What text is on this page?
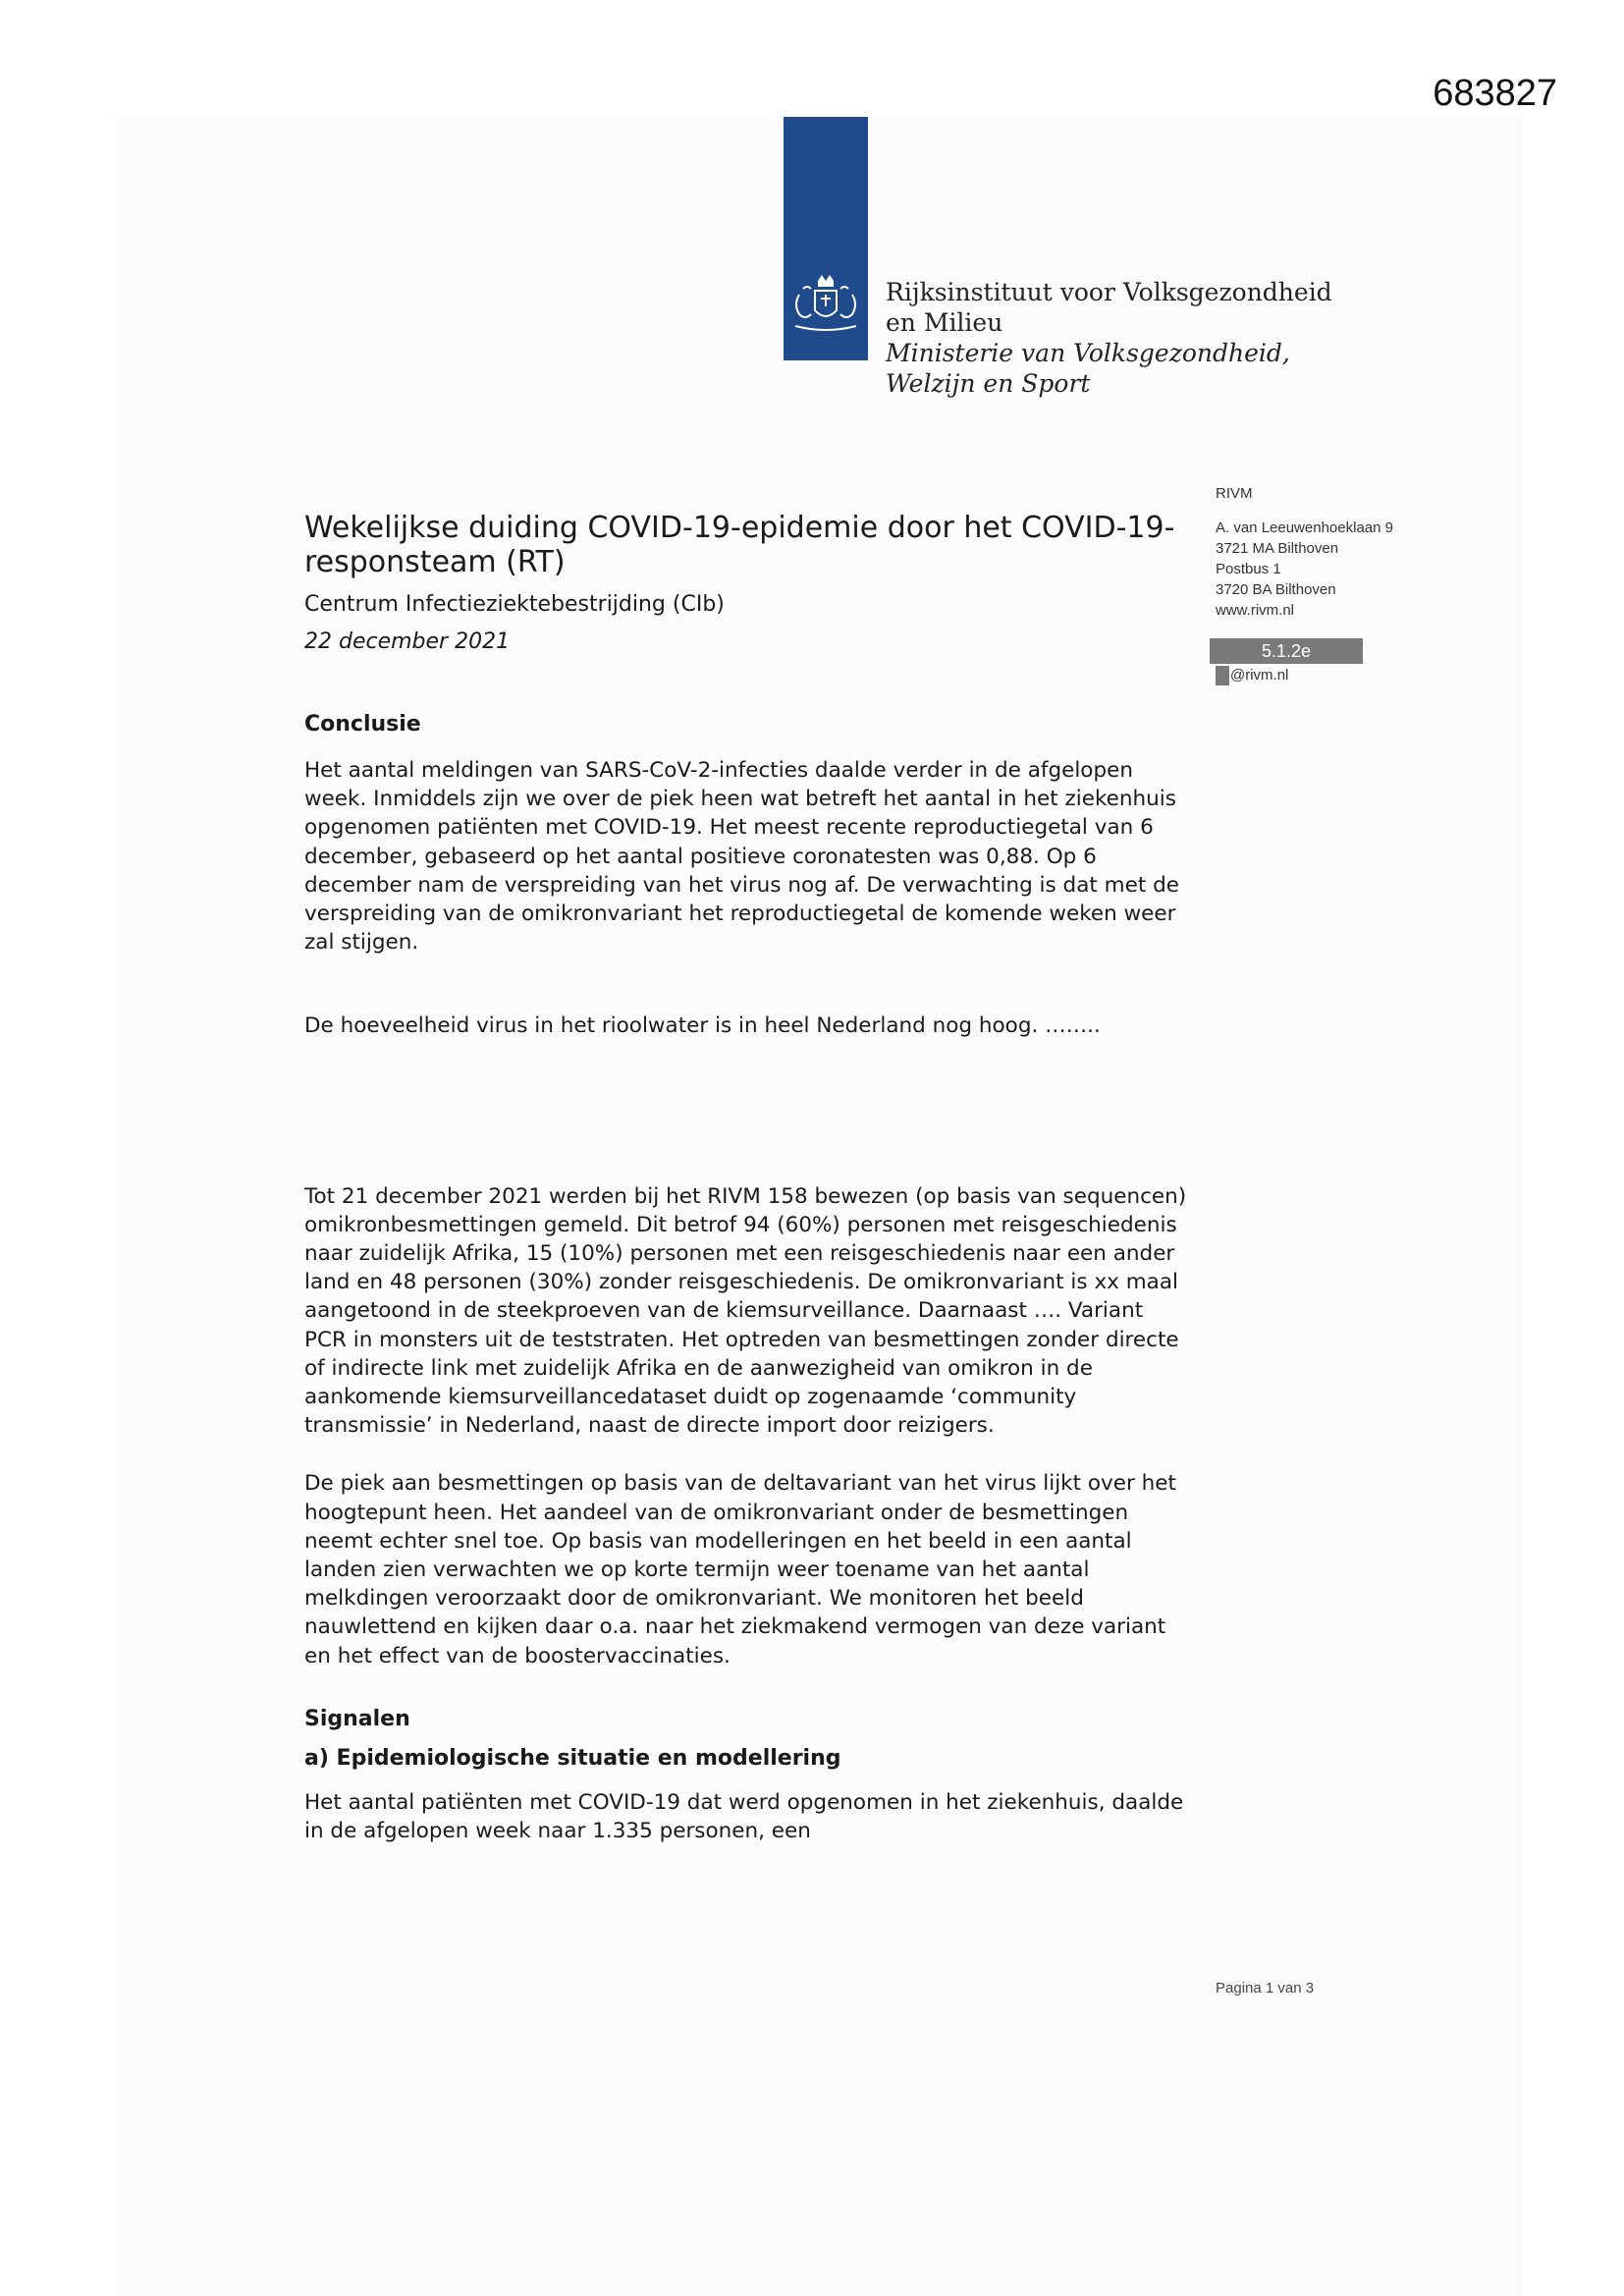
683827
Rijksinstituut voor Volksgezondheid
en Milieu
Ministerie van Volksgezondheid,
Welzijn en Sport
RIVM
A. van Leeuwenhoeklaan 9
3721 MA Bilthoven
Postbus 1
3720 BA Bilthoven
www.rivm.nl
5.1.2e
@rivm.nl
Wekelijkse duiding COVID-19-epidemie door het COVID-19-responsteam (RT)
Centrum Infectieziektebestrijding (CIb)
22 december 2021
Conclusie

Het aantal meldingen van SARS-CoV-2-infecties daalde verder in de afgelopen week. Inmiddels zijn we over de piek heen wat betreft het aantal in het ziekenhuis opgenomen patiënten met COVID-19. Het meest recente reproductiegetal van 6 december, gebaseerd op het aantal positieve coronatesten was 0,88. Op 6 december nam de verspreiding van het virus nog af. De verwachting is dat met de verspreiding van de omikronvariant het reproductiegetal de komende weken weer zal stijgen.

De hoeveelheid virus in het rioolwater is in heel Nederland nog hoog. ……..

Tot 21 december 2021 werden bij het RIVM 158 bewezen (op basis van sequencen) omikronbesmettingen gemeld. Dit betrof 94 (60%) personen met reisgeschiedenis naar zuidelijk Afrika, 15 (10%) personen met een reisgeschiedenis naar een ander land en 48 personen (30%) zonder reisgeschiedenis. De omikronvariant is xx maal aangetoond in de steekproeven van de kiemsurveillance. Daarnaast …. Variant PCR in monsters uit de teststraten. Het optreden van besmettingen zonder directe of indirecte link met zuidelijk Afrika en de aanwezigheid van omikron in de aankomende kiemsurveillancedataset duidt op zogenaamde ‘community transmissie’ in Nederland, naast de directe import door reizigers.

De piek aan besmettingen op basis van de deltavariant van het virus lijkt over het hoogtepunt heen. Het aandeel van de omikronvariant onder de besmettingen neemt echter snel toe. Op basis van modelleringen en het beeld in een aantal landen zien verwachten we op korte termijn weer toename van het aantal melkdingen veroorzaakt door de omikronvariant. We monitoren het beeld nauwlettend en kijken daar o.a. naar het ziekmakend vermogen van deze variant en het effect van de boostervaccinaties.

Signalen
a) Epidemiologische situatie en modellering

Het aantal patiënten met COVID-19 dat werd opgenomen in het ziekenhuis, daalde in de afgelopen week naar 1.335 personen, een

Pagina 1 van 3
